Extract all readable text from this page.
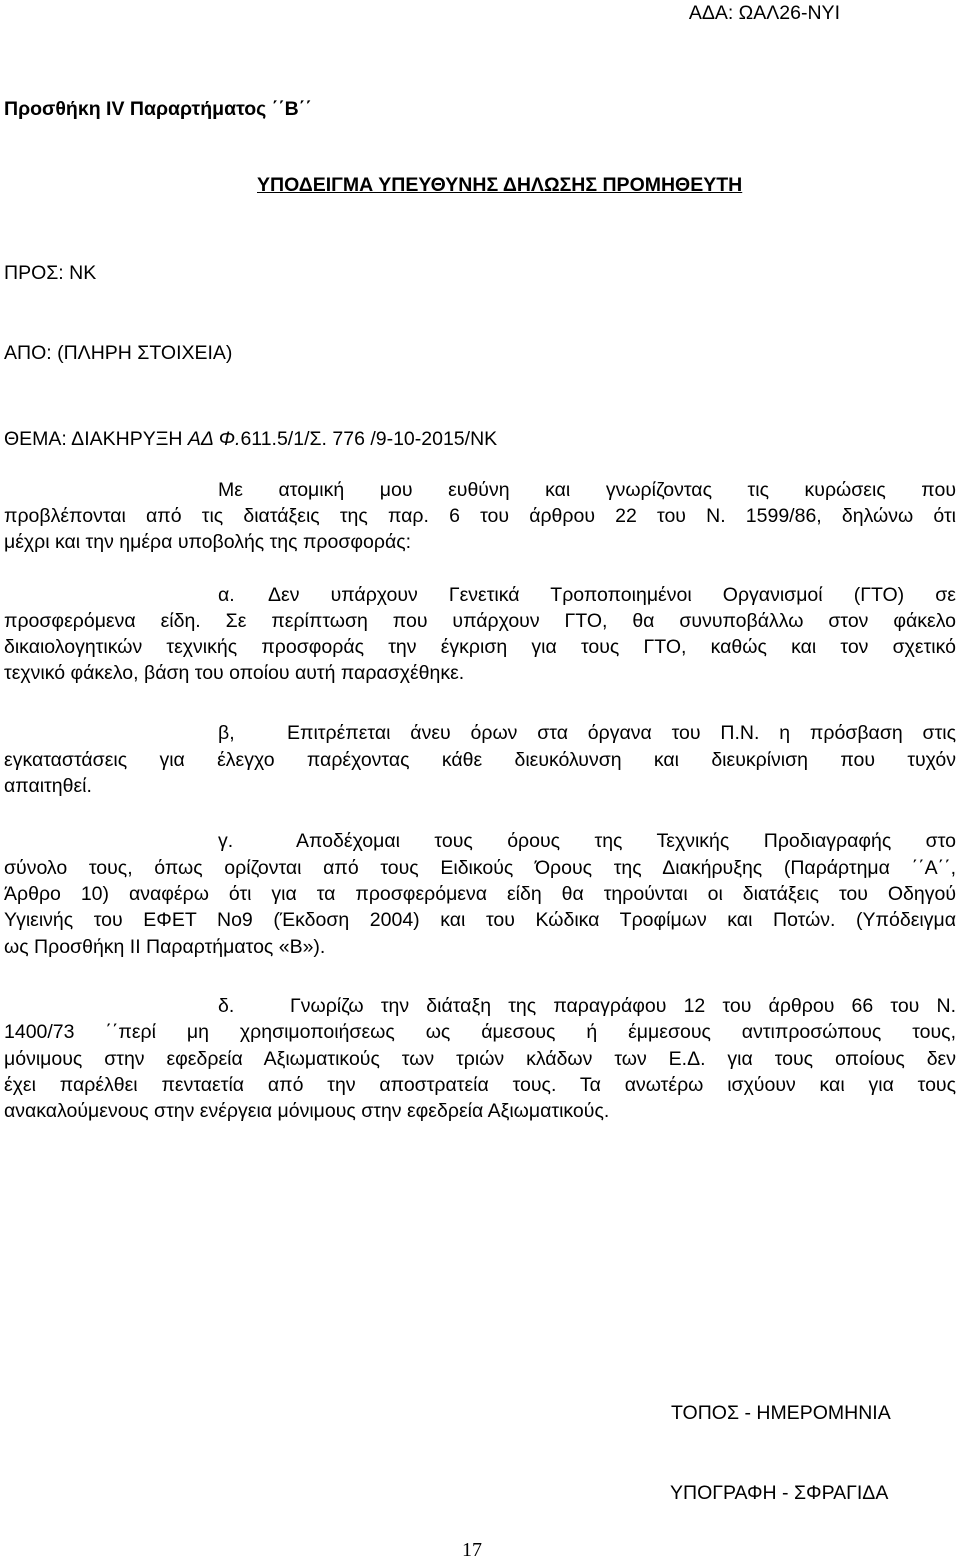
ΑΔΑ: ΩΑΛ26-ΝΥΙ
Προσθήκη IV Παραρτήματος ΄΄Β΄΄
ΥΠΟΔΕΙΓΜΑ ΥΠΕΥΘΥΝΗΣ ΔΗΛΩΣΗΣ ΠΡΟΜΗΘΕΥΤΗ
ΠΡΟΣ: ΝΚ
ΑΠΟ: (ΠΛΗΡΗ ΣΤΟΙΧΕΙΑ)
ΘΕΜΑ: ΔΙΑΚΗΡΥΞΗ ΑΔ Φ.611.5/1/Σ. 776 /9-10-2015/ΝΚ
Με ατομική μου ευθύνη και γνωρίζοντας τις κυρώσεις που
προβλέπονται από τις διατάξεις της παρ. 6 του άρθρου 22 του Ν. 1599/86, δηλώνω ότι
μέχρι και την ημέρα υποβολής της προσφοράς:
α. Δεν υπάρχουν Γενετικά Τροποποιημένοι Οργανισμοί (ΓΤΟ) σε
προσφερόμενα είδη. Σε περίπτωση που υπάρχουν ΓΤΟ, θα συνυποβάλλω στον φάκελο
δικαιολογητικών τεχνικής προσφοράς την έγκριση για τους ΓΤΟ, καθώς και τον σχετικό
τεχνικό φάκελο, βάση του οποίου αυτή παρασχέθηκε.
β,	Επιτρέπεται άνευ όρων στα όργανα του Π.Ν. η πρόσβαση στις
εγκαταστάσεις για έλεγχο παρέχοντας κάθε διευκόλυνση και διευκρίνιση που τυχόν
απαιτηθεί.
γ.	Αποδέχομαι τους όρους της Τεχνικής Προδιαγραφής στο
σύνολο τους, όπως ορίζονται από τους Ειδικούς Όρους της Διακήρυξης (Παράρτημα ΄΄Α΄΄,
Άρθρο 10) αναφέρω ότι για τα προσφερόμενα είδη θα τηρούνται οι διατάξεις του Οδηγού
Υγιεινής του ΕΦΕΤ Νο9 (Έκδοση 2004) και του Κώδικα Τροφίμων και Ποτών. (Υπόδειγμα
ως Προσθήκη ΙΙ Παραρτήματος «Β»).
δ.	Γνωρίζω την διάταξη της παραγράφου 12 του άρθρου 66 του Ν.
1400/73 ΄΄περί μη χρησιμοποιήσεως ως άμεσους ή έμμεσους αντιπροσώπους τους,
μόνιμους στην εφεδρεία Αξιωματικούς των τριών κλάδων των Ε.Δ. για τους οποίους δεν
έχει παρέλθει πενταετία από την αποστρατεία τους. Τα ανωτέρω ισχύουν και για τους
ανακαλούμενους στην ενέργεια μόνιμους στην εφεδρεία Αξιωματικούς.
ΤΟΠΟΣ - ΗΜΕΡΟΜΗΝΙΑ
ΥΠΟΓΡΑΦΗ - ΣΦΡΑΓΙΔΑ
17
